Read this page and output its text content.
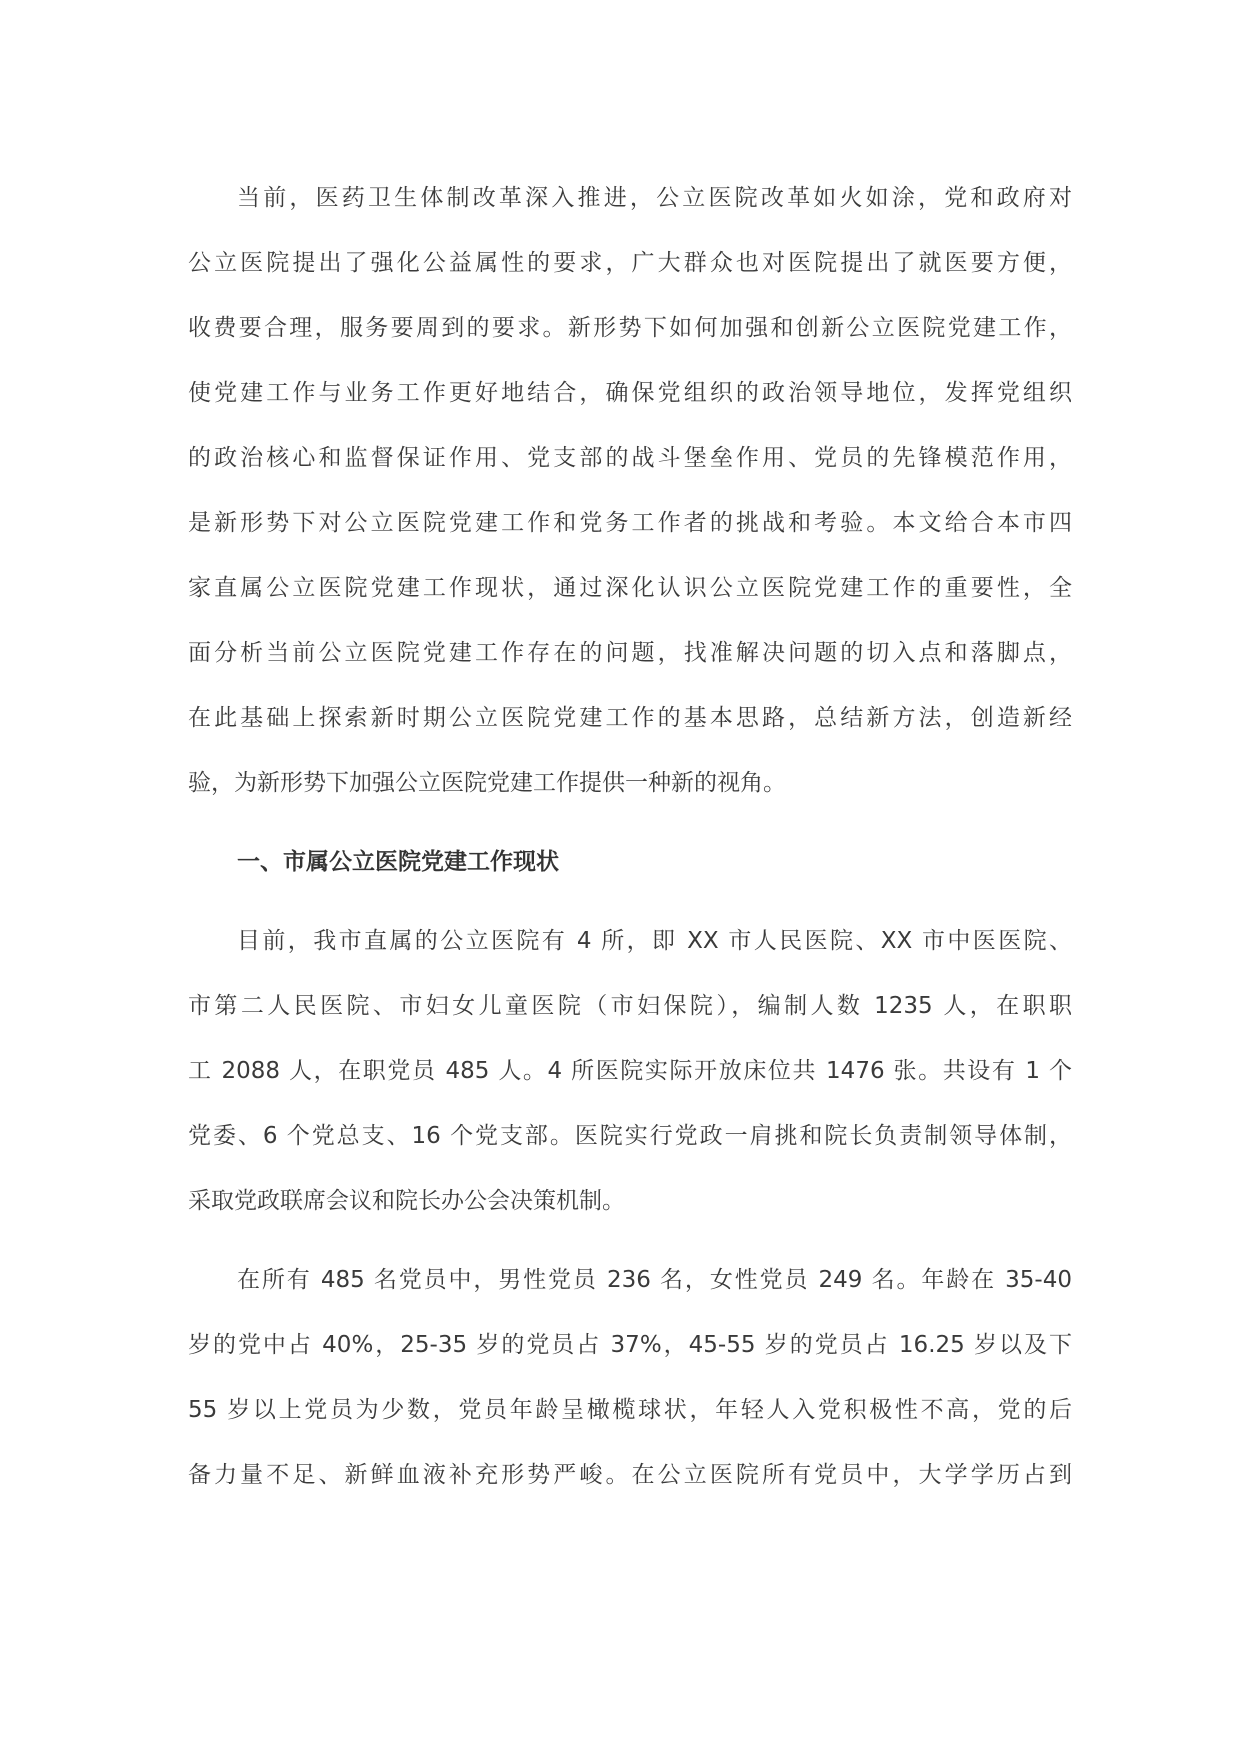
当前，医药卫生体制改革深入推进，公立医院改革如火如涂，党和政府对
公立医院提出了强化公益属性的要求，广大群众也对医院提出了就医要方便，
收费要合理，服务要周到的要求。新形势下如何加强和创新公立医院党建工作，
使党建工作与业务工作更好地结合，确保党组织的政治领导地位，发挥党组织
的政治核心和监督保证作用、党支部的战斗堡垒作用、党员的先锋模范作用，
是新形势下对公立医院党建工作和党务工作者的挑战和考验。本文给合本市四
家直属公立医院党建工作现状，通过深化认识公立医院党建工作的重要性，全
面分析当前公立医院党建工作存在的问题，找准解决问题的切入点和落脚点，
在此基础上探索新时期公立医院党建工作的基本思路，总结新方法，创造新经
验，为新形势下加强公立医院党建工作提供一种新的视角。
一、市属公立医院党建工作现状
目前，我市直属的公立医院有 4 所，即 XX 市人民医院、XX 市中医医院、
市第二人民医院、市妇女儿童医院（市妇保院），编制人数 1235 人，在职职
工 2088 人，在职党员 485 人。4 所医院实际开放床位共 1476 张。共设有 1 个
党委、6 个党总支、16 个党支部。医院实行党政一肩挑和院长负责制领导体制，
采取党政联席会议和院长办公会决策机制。
在所有 485 名党员中，男性党员 236 名，女性党员 249 名。年龄在 35-40
岁的党中占 40%，25-35 岁的党员占 37%，45-55 岁的党员占 16.25 岁以及下
55 岁以上党员为少数，党员年龄呈橄榄球状，年轻人入党积极性不高，党的后
备力量不足、新鲜血液补充形势严峻。在公立医院所有党员中，大学学历占到
